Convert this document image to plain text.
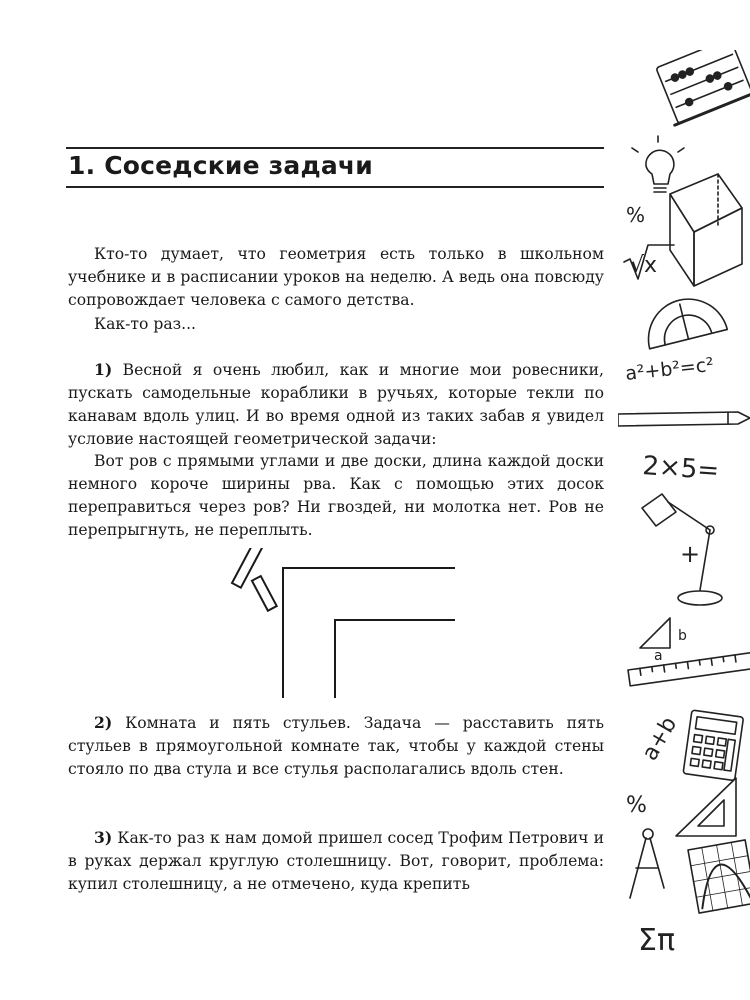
1. Соседские задачи

Кто-то думает, что геометрия есть только в школьном учебнике и в расписании уроков на неделю. А ведь она повсюду сопровождает человека с самого детства.

Как-то раз...

1) Весной я очень любил, как и многие мои ровесники, пускать самодельные кораблики в ручьях, которые текли по канавам вдоль улиц. И во время одной из таких забав я увидел условие настоящей геометрической задачи:

Вот ров с прямыми углами и две доски, длина каждой доски немного короче ширины рва. Как с помощью этих досок переправиться через ров? Ни гвоздей, ни молотка нет. Ров не перепрыгнуть, не переплыть.

2) Комната и пять стульев. Задача — расставить пять стульев в прямоугольной комнате так, чтобы у каждой стены стояло по два стула и все стулья располагались вдоль стен.

3) Как-то раз к нам домой пришел сосед Трофим Петрович и в руках держал круглую столешницу. Вот, говорит, проблема: купил столешницу, а не отмечено, куда крепить

%
√x
a²+b²=c²
2×5=
+
b
a
a+b
%
Σπ
